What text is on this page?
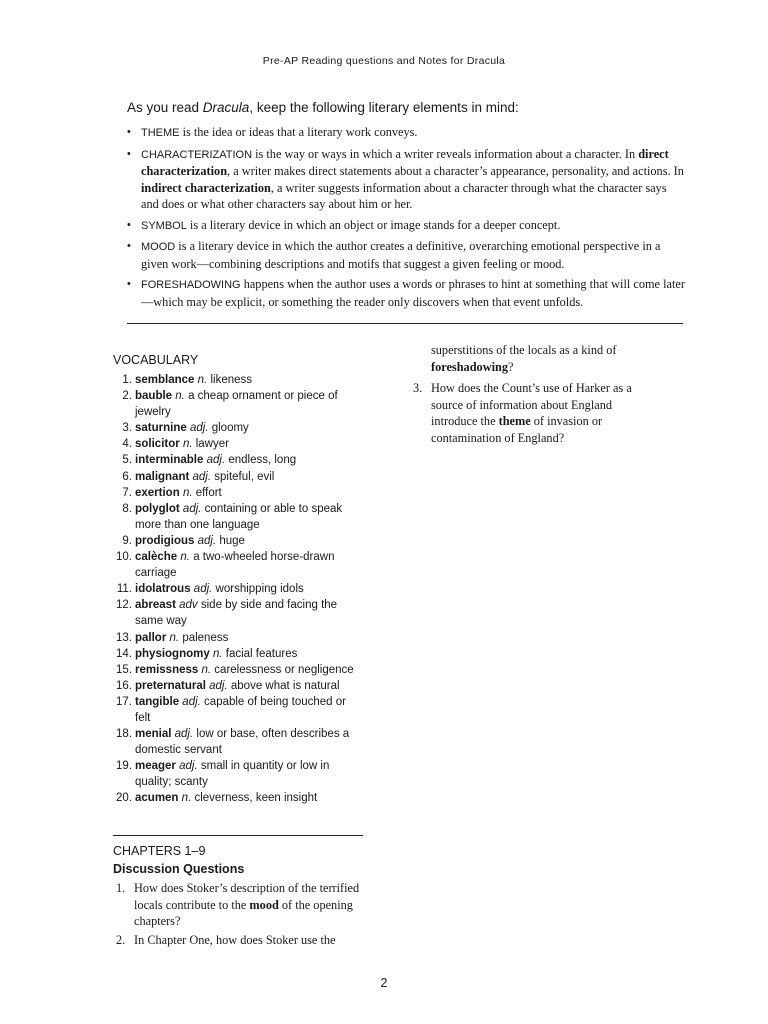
Pre-AP Reading questions and Notes for Dracula
As you read Dracula, keep the following literary elements in mind:
• THEME is the idea or ideas that a literary work conveys.
• CHARACTERIZATION is the way or ways in which a writer reveals information about a character. In direct characterization, a writer makes direct statements about a character’s appearance, personality, and actions. In indirect characterization, a writer suggests information about a character through what the character says and does or what other characters say about him or her.
• SYMBOL is a literary device in which an object or image stands for a deeper concept.
• MOOD is a literary device in which the author creates a definitive, overarching emotional perspective in a given work—combining descriptions and motifs that suggest a given feeling or mood.
• FORESHADOWING happens when the author uses a words or phrases to hint at something that will come later—which may be explicit, or something the reader only discovers when that event unfolds.
VOCABULARY
1. semblance n. likeness
2. bauble n. a cheap ornament or piece of jewelry
3. saturnine adj. gloomy
4. solicitor n. lawyer
5. interminable adj. endless, long
6. malignant adj. spiteful, evil
7. exertion n. effort
8. polyglot adj. containing or able to speak more than one language
9. prodigious adj. huge
10. calèche n. a two-wheeled horse-drawn carriage
11. idolatrous adj. worshipping idols
12. abreast adv side by side and facing the same way
13. pallor n. paleness
14. physiognomy n. facial features
15. remissness n. carelessness or negligence
16. preternatural adj. above what is natural
17. tangible adj. capable of being touched or felt
18. menial adj. low or base, often describes a domestic servant
19. meager adj. small in quantity or low in quality; scanty
20. acumen n. cleverness, keen insight
CHAPTERS 1–9
Discussion Questions
1. How does Stoker’s description of the terrified locals contribute to the mood of the opening chapters?
2. In Chapter One, how does Stoker use the
superstitions of the locals as a kind of foreshadowing?
3. How does the Count’s use of Harker as a source of information about England introduce the theme of invasion or contamination of England?
2
